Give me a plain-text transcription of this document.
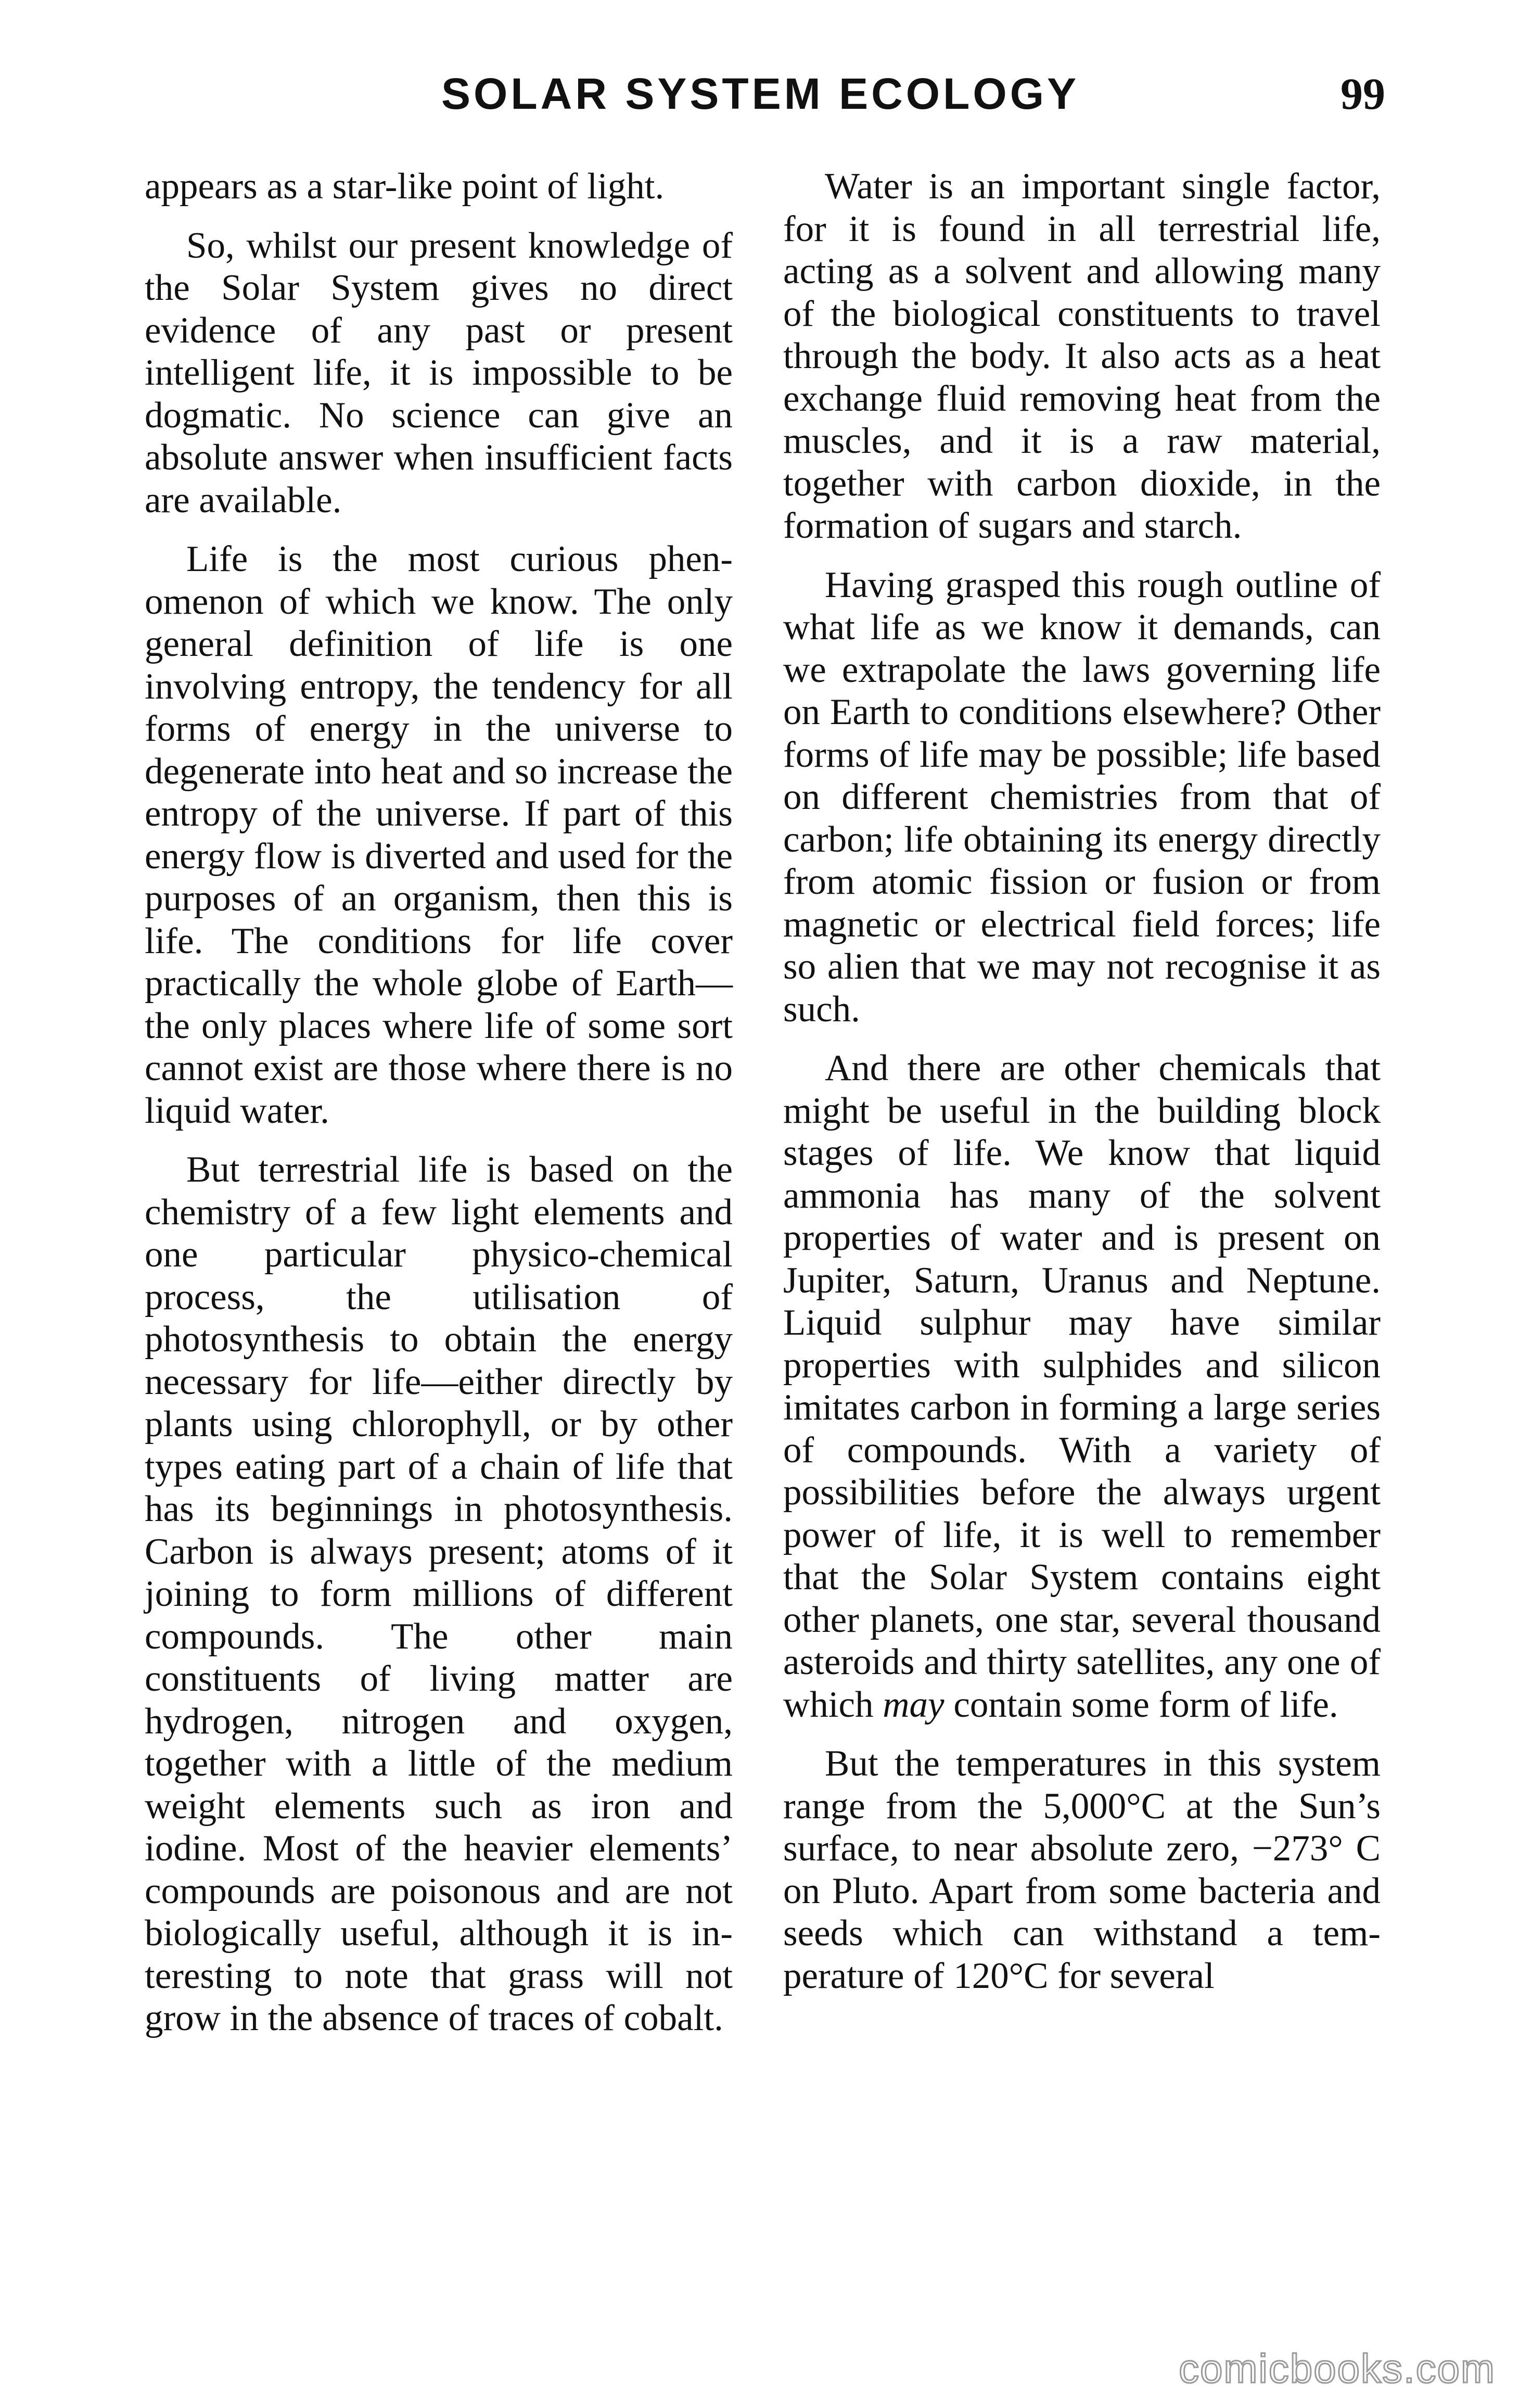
SOLAR SYSTEM ECOLOGY	99

appears as a star-like point of light.

So, whilst our present knowledge of the Solar System gives no direct evidence of any past or present intelligent life, it is impossible to be dogmatic. No science can give an absolute answer when insufficient facts are available.

Life is the most curious phenomenon of which we know. The only general definition of life is one involving entropy, the tendency for all forms of energy in the universe to degenerate into heat and so increase the entropy of the universe. If part of this energy flow is diverted and used for the purposes of an organism, then this is life. The conditions for life cover practically the whole globe of Earth—the only places where life of some sort cannot exist are those where there is no liquid water.

But terrestrial life is based on the chemistry of a few light elements and one particular physico-chemical process, the utilisation of photosynthesis to obtain the energy necessary for life—either directly by plants using chlorophyll, or by other types eating part of a chain of life that has its beginnings in photosynthesis. Carbon is always present; atoms of it joining to form millions of different compounds. The other main constituents of living matter are hydrogen, nitrogen and oxygen, together with a little of the medium weight elements such as iron and iodine. Most of the heavier elements’ compounds are poisonous and are not biologically useful, although it is interesting to note that grass will not grow in the absence of traces of cobalt.

Water is an important single factor, for it is found in all terrestrial life, acting as a solvent and allowing many of the biological constituents to travel through the body. It also acts as a heat exchange fluid removing heat from the muscles, and it is a raw material, together with carbon dioxide, in the formation of sugars and starch.

Having grasped this rough outline of what life as we know it demands, can we extrapolate the laws governing life on Earth to conditions elsewhere? Other forms of life may be possible; life based on different chemistries from that of carbon; life obtaining its energy directly from atomic fission or fusion or from magnetic or electrical field forces; life so alien that we may not recognise it as such.

And there are other chemicals that might be useful in the building block stages of life. We know that liquid ammonia has many of the solvent properties of water and is present on Jupiter, Saturn, Uranus and Neptune. Liquid sulphur may have similar properties with sulphides and silicon imitates carbon in forming a large series of compounds. With a variety of possibilities before the always urgent power of life, it is well to remember that the Solar System contains eight other planets, one star, several thousand asteroids and thirty satellites, any one of which may contain some form of life.

But the temperatures in this system range from the 5,000°C at the Sun’s surface, to near absolute zero, −273° C on Pluto. Apart from some bacteria and seeds which can withstand a temperature of 120°C for several

comicbooks.com
